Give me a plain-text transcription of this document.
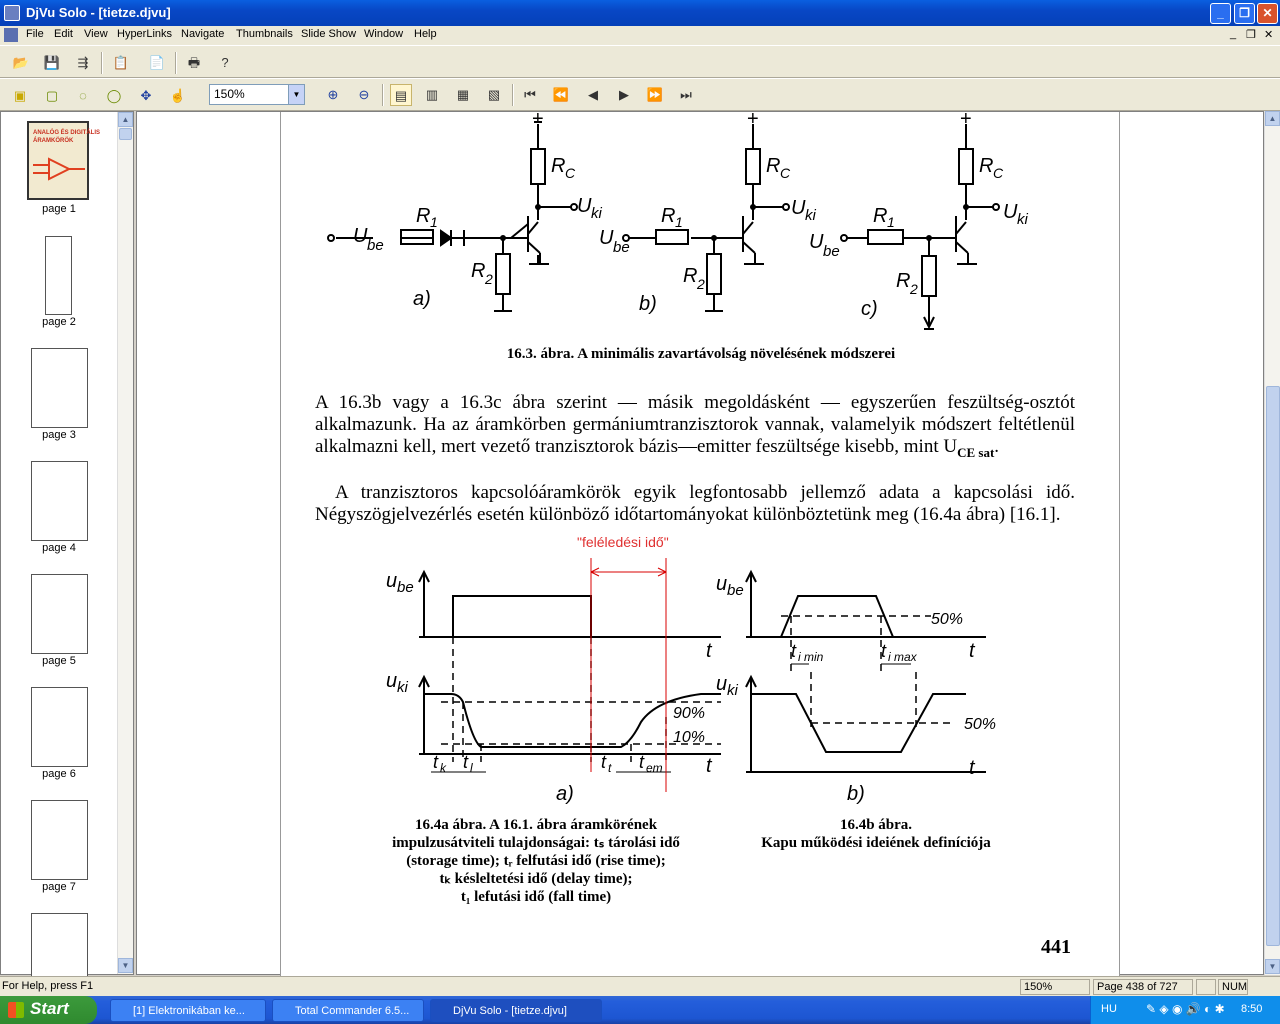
DjVu Solo - [tietze.djvu]	_	❐	✕
File Edit View HyperLinks Navigate Thumbnails Slide Show Window Help	_ ❐ ✕
📂 💾	⇶	📋 📄	🖶	?
▣	▢	◌	◯	✥	☝	150%	▼	⊕	⊖	▤	▥	▦	▧	⏮	⏪	◀	▶	⏩	⏭
ANALÓG ÉS DIGITÁLIS
ÁRAMKÖRÖK
page 1
page 2
page 3
page 4
page 5
page 6
page 7
▲
▼
+	+	+
R C	R C	R C
R 1	R 1	R 1
R 2	R 2	R 2
U be	U be	U be
U ki	U ki	U ki
a)	b)	c)
u be
u ki
t
t
90%
10%
t k t l	t t t em
a)
u be
u ki
t
t
50%
50%
t i min	t i max
b)
16.3. ábra. A minimális zavartávolság növelésének módszerei
A 16.3b vagy a 16.3c ábra szerint — másik megoldásként — egyszerűen feszültség-osztót alkalmazunk. Ha az áramkörben germániumtranzisztorok vannak, valamelyik módszert feltétlenül alkalmazni kell, mert vezető tranzisztorok bázis—emitter feszültsége kisebb, mint $U_{CE sat}$.
A tranzisztoros kapcsolóáramkörök egyik legfontosabb jellemző adata a kapcsolási idő. Négyszögjelvezérlés esetén különböző időtartományokat különböztetünk meg (16.4a ábra) [16.1].
"feléledési idő"
16.4a ábra. A 16.1. ábra áramkörének
impulzusátviteli tulajdonságai: tₛ tárolási idő
(storage time); tᵣ felfutási idő (rise time);
tₖ késleltetési idő (delay time);
t₁ lefutási idő (fall time)
16.4b ábra.
Kapu működési ideiének definíciója
441
▲
▼
For Help, press F1	150%	Page 438 of 727	NUM
Start	[1] Elektronikában ke...	Total Commander 6.5...	DjVu Solo - [tietze.djvu]	HU ✎ ◈ ◉ 🔊 ◐ ✱ 8:50
